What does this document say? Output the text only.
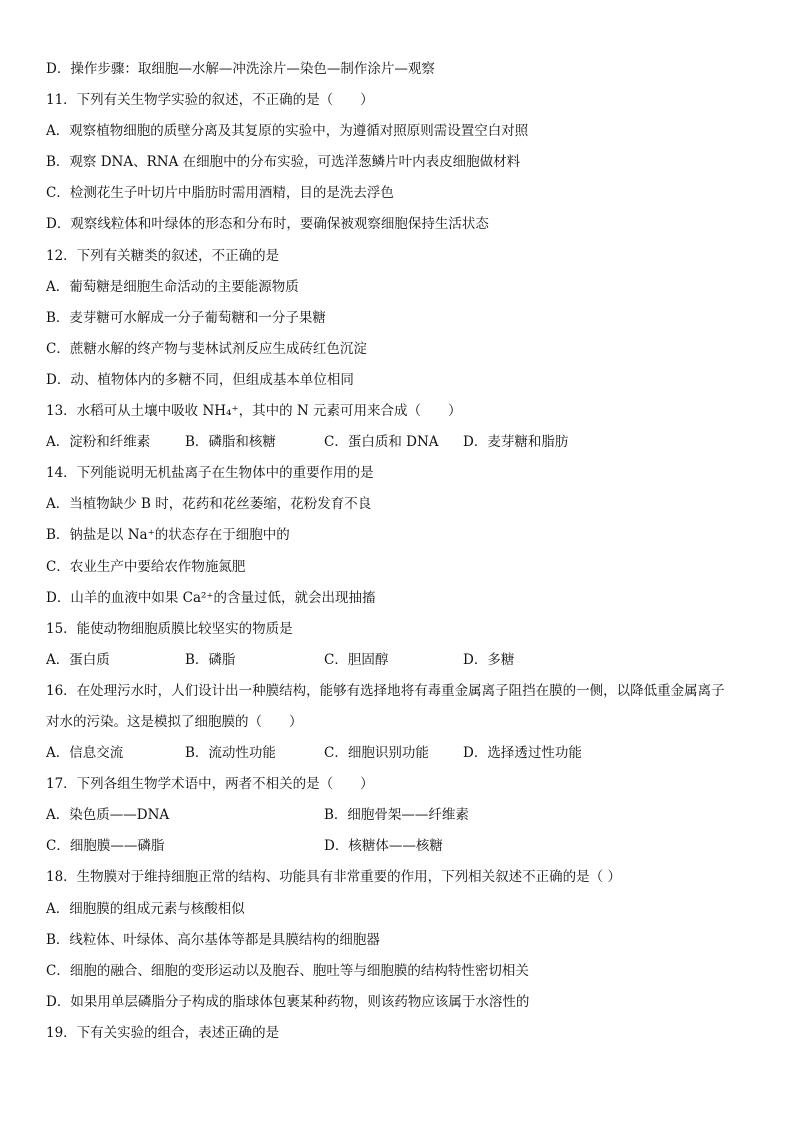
D．操作步骤：取细胞—水解—冲洗涂片—染色—制作涂片—观察
11．下列有关生物学实验的叙述，不正确的是（　　）
A．观察植物细胞的质壁分离及其复原的实验中，为遵循对照原则需设置空白对照
B．观察 DNA、RNA 在细胞中的分布实验，可选洋葱鳞片叶内表皮细胞做材料
C．检测花生子叶切片中脂肪时需用酒精，目的是洗去浮色
D．观察线粒体和叶绿体的形态和分布时，要确保被观察细胞保持生活状态
12．下列有关糖类的叙述，不正确的是
A．葡萄糖是细胞生命活动的主要能源物质
B．麦芽糖可水解成一分子葡萄糖和一分子果糖
C．蔗糖水解的终产物与斐林试剂反应生成砖红色沉淀
D．动、植物体内的多糖不同，但组成基本单位相同
13．水稻可从土壤中吸收 NH₄⁺，其中的 N 元素可用来合成（　　）
A．淀粉和纤维素	B．磷脂和核糖	C．蛋白质和 DNA	D．麦芽糖和脂肪
14．下列能说明无机盐离子在生物体中的重要作用的是
A．当植物缺少 B 时，花药和花丝萎缩，花粉发育不良
B．钠盐是以 Na⁺的状态存在于细胞中的
C．农业生产中要给农作物施氮肥
D．山羊的血液中如果 Ca²⁺的含量过低，就会出现抽搐
15．能使动物细胞质膜比较坚实的物质是
A．蛋白质	B．磷脂	C．胆固醇	D．多糖
16．在处理污水时，人们设计出一种膜结构，能够有选择地将有毒重金属离子阻挡在膜的一侧，以降低重金属离子
对水的污染。这是模拟了细胞膜的（　　）
A．信息交流	B．流动性功能	C．细胞识别功能	D．选择透过性功能
17．下列各组生物学术语中，两者不相关的是（　　）
A．染色质——DNA	B．细胞骨架——纤维素
C．细胞膜——磷脂	D．核糖体——核糖
18．生物膜对于维持细胞正常的结构、功能具有非常重要的作用，下列相关叙述不正确的是（ ）
A．细胞膜的组成元素与核酸相似
B．线粒体、叶绿体、高尔基体等都是具膜结构的细胞器
C．细胞的融合、细胞的变形运动以及胞吞、胞吐等与细胞膜的结构特性密切相关
D．如果用单层磷脂分子构成的脂球体包裹某种药物，则该药物应该属于水溶性的
19．下有关实验的组合，表述正确的是
